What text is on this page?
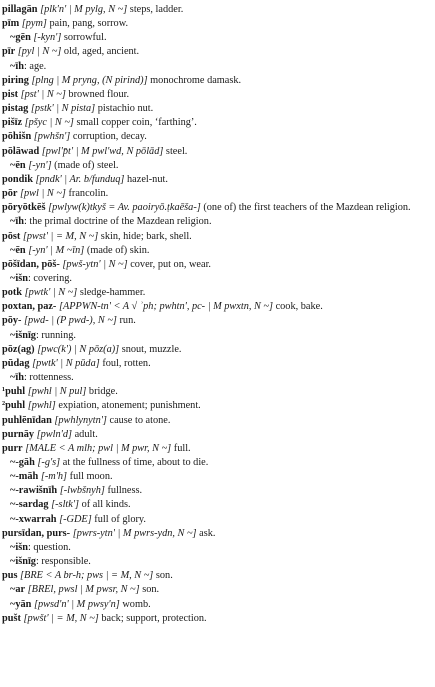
pillagān [plk'n' | M pylg, N ~] steps, ladder.

pīm [pym] pain, pang, sorrow.

~gēn [-kyn'] sorrowful.

pīr [pyl | N ~] old, aged, ancient.

~īh: age.

piring [plng | M pryng, (N pirind)] monochrome damask.

pist [pst' | N ~] browned flour.

pistag [pstk' | N pista] pistachio nut.

pišīz [pšyc | N ~] small copper coin, ‘farthing’.

pōhišn [pwhšn'] corruption, decay.

pōlāwad [pwl'p̄t' | M pwl'wd, N pōlād] steel.

~ēn [-yn'] (made of) steel.

pondik [pndk' | Ar. b/funduq] hazel-nut.

pōr [pwl | N ~] francolin.

pōryōtkēš [pwlyw(k)tkyš = Av. paoiryō.ṭkaēša-] (one of) the first teachers of the Mazdean religion.

~īh: the primal doctrine of the Mazdean religion.

pōst [pwst' | = M, N ~] skin, hide; bark, shell.

~ēn [-yn' | M ~īn] (made of) skin.

pōšīdan, pōš- [pwš-ytn' | N ~] cover, put on, wear.

~išn: covering.

potk [pwtk' | N ~] sledge-hammer.

poxtan, paz- [APPWN-tn' < A √ ʾph; pwhtn', pc- | M pwxtn, N ~] cook, bake.

pōy- [pwd- | (P pwd-), N ~] run.

~išnīg: running.

pōz(ag) [pwc(k') | N pōz(a)] snout, muzzle.

pūdag [pwtk' | N pūda] foul, rotten.

~īh: rottenness.

¹puhl [pwhl | N pul] bridge.

²puhl [pwhl] expiation, atonement; punishment.

puhlēnīdan [pwhlynytn'] cause to atone.

purnāy [pwln'd] adult.

purr [MALE < A mlh; pwl | M pwr, N ~] full.

~-gāh [-g's] at the fullness of time, about to die.

~-māh [-m'h] full moon.

~-rawišnīh [-lwbšnyh] fullness.

~-sardag [-sltk'] of all kinds.

~-xwarrah [-GDE] full of glory.

pursīdan, purs- [pwrs-ytn' | M pwrs-ydn, N ~] ask.

~išn: question.

~išnīg: responsible.

pus [BRE < A br-h; pws | = M, N ~] son.

~ar [BREl, pwsl | M pwsr, N ~] son.

~yān [pwsd'n' | M pwsy'n] womb.

pušt [pwšt' | = M, N ~] back; support, protection.
